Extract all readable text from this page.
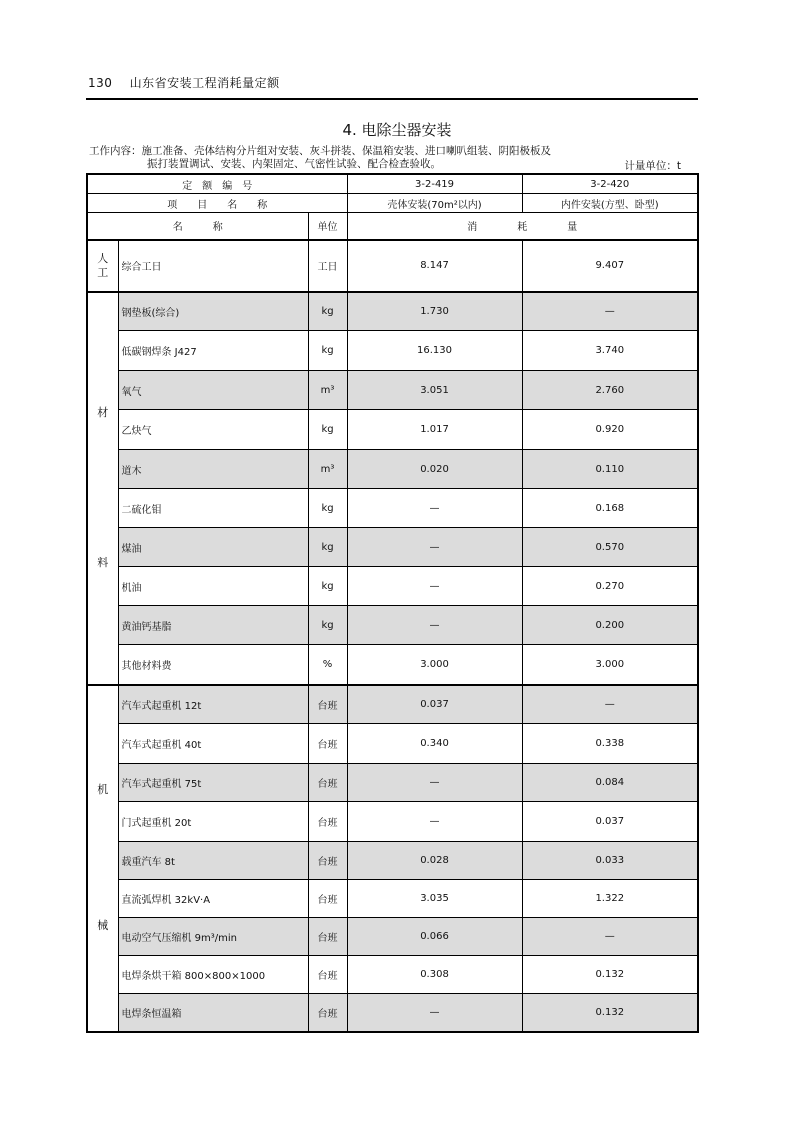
130 山东省安装工程消耗量定额
4. 电除尘器安装
工作内容：施工准备、壳体结构分片组对安装、灰斗拼装、保温箱安装、进口喇叭组装、阴阳极板及
振打装置调试、安装、内架固定、气密性试验、配合检查验收。	计量单位：t
定　额　编　号			3-2-419	3-2-420
项　　目　　名　　称			壳体安装(70m²以内)	内件安装(方型、卧型)
名　　　称		单位	消　　　　耗　　　　量	

人
工	综合工日	工日	8.147	9.407

材
料	钢垫板(综合)	kg	1.730	—
	低碳钢焊条 J427	kg	16.130	3.740
	氧气	m³	3.051	2.760
	乙炔气	kg	1.017	0.920
	道木	m³	0.020	0.110
	二硫化钼	kg	—	0.168
	煤油	kg	—	0.570
	机油	kg	—	0.270
	黄油钙基脂	kg	—	0.200
	其他材料费	%	3.000	3.000

机
械	汽车式起重机 12t	台班	0.037	—
	汽车式起重机 40t	台班	0.340	0.338
	汽车式起重机 75t	台班	—	0.084
	门式起重机 20t	台班	—	0.037
	载重汽车 8t	台班	0.028	0.033
	直流弧焊机 32kV·A	台班	3.035	1.322
	电动空气压缩机 9m³/min	台班	0.066	—
	电焊条烘干箱 800×800×1000	台班	0.308	0.132
	电焊条恒温箱	台班	—	0.132
